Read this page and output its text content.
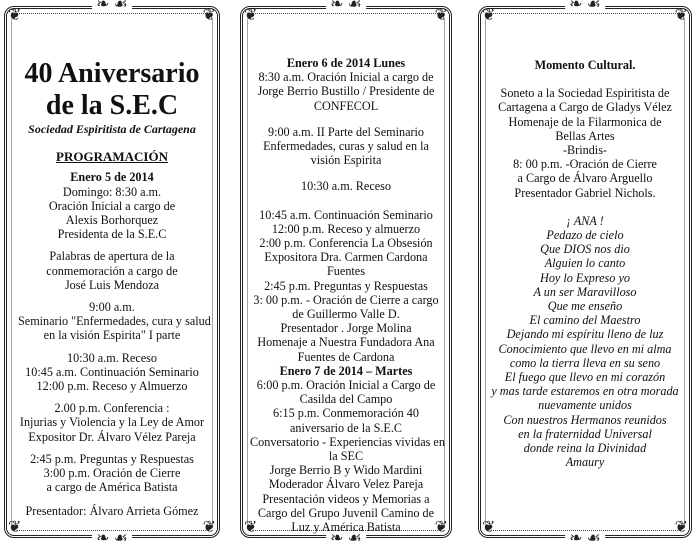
❦	❦
❦	❦
❧ ☙
❧ ☙
40 Aniversario
de la S.E.C
Sociedad Espiritista de Cartagena
PROGRAMACIÓN
Enero 5 de 2014
Domingo: 8:30 a.m.
Oración Inicial a cargo de
Alexis Borhorquez
Presidenta de la S.E.C
Palabras de apertura de la
conmemoración a cargo de
José Luis Mendoza
9:00 a.m.
Seminario "Enfermedades, cura y salud
en la visión Espirita" I parte
10:30 a.m. Receso
10:45 a.m. Continuación Seminario
12:00 p.m. Receso y Almuerzo
2.00 p.m. Conferencia :
Injurias y Violencia y la Ley de Amor
Expositor Dr. Álvaro Vélez Pareja
2:45 p.m. Preguntas y Respuestas
3:00 p.m. Oración de Cierre
a cargo de América Batista
Presentador: Álvaro Arrieta Gómez
❦	❦
❦	❦
❧ ☙
❧ ☙
Enero 6 de 2014 Lunes
8:30 a.m. Oración Inicial a cargo de
Jorge Berrio Bustillo / Presidente de
CONFECOL
9:00 a.m. II Parte del Seminario
Enfermedades, curas y salud en la
visión Espirita
10:30 a.m. Receso
10:45 a.m. Continuación Seminario
12:00 p.m. Receso y almuerzo
2:00 p.m. Conferencia La Obsesión
Expositora Dra. Carmen Cardona
Fuentes
2:45 p.m. Preguntas y Respuestas
3: 00 p.m. - Oración de Cierre a cargo
de Guillermo Valle D.
Presentador . Jorge Molina
Homenaje a Nuestra Fundadora Ana
Fuentes de Cardona
Enero 7 de 2014 – Martes
6:00 p.m. Oración Inicial a Cargo de
Casilda del Campo
6:15 p.m. Conmemoración 40
aniversario de la S.E.C
Conversatorio - Experiencias vividas en
la SEC
Jorge Berrio B y Wido Mardini
Moderador Álvaro Velez Pareja
Presentación videos y Memorias a
Cargo del Grupo Juvenil Camino de
Luz y América Batista
❦	❦
❦	❦
❧ ☙
❧ ☙
Momento Cultural.
Soneto a la Sociedad Espiritista de
Cartagena a Cargo de Gladys Vélez
Homenaje de la Filarmonica de
Bellas Artes
-Brindis-
8: 00 p.m. -Oración de Cierre
a Cargo de Álvaro Arguello
Presentador Gabriel Nichols.
¡ ANA !
Pedazo de cielo
Que DIOS nos dio
Alguien lo canto
Hoy lo Expreso yo
A un ser Maravilloso
Que me enseño
El camino del Maestro
Dejando mi espíritu lleno de luz
Conocimiento que llevo en mi alma
como la tierra lleva en su seno
El fuego que llevo en mi corazón
y mas tarde estaremos en otra morada
nuevamente unidos
Con nuestros Hermanos reunidos
en la fraternidad Universal
donde reina la Divinidad
Amaury
